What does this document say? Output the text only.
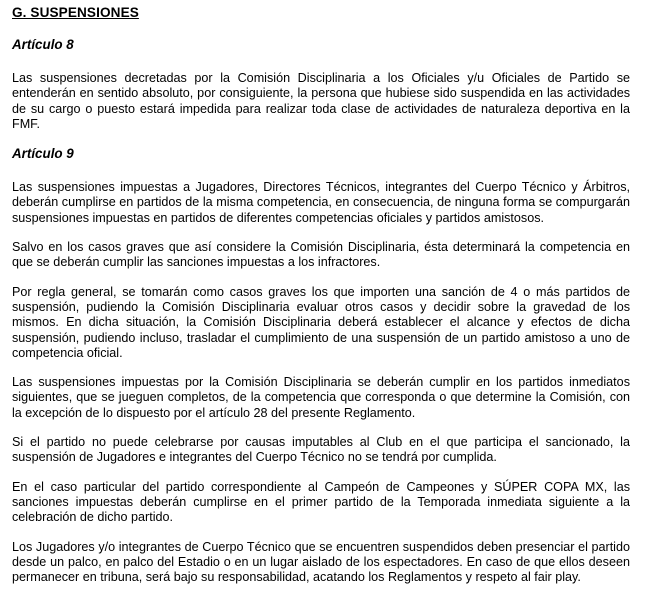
G. SUSPENSIONES
Artículo 8

Las suspensiones decretadas por la Comisión Disciplinaria a los Oficiales y/u Oficiales de Partido se entenderán en sentido absoluto, por consiguiente, la persona que hubiese sido suspendida en las actividades de su cargo o puesto estará impedida para realizar toda clase de actividades de naturaleza deportiva en la FMF.

Artículo 9

Las suspensiones impuestas a Jugadores, Directores Técnicos, integrantes del Cuerpo Técnico y Árbitros, deberán cumplirse en partidos de la misma competencia, en consecuencia, de ninguna forma se compurgarán suspensiones impuestas en partidos de diferentes competencias oficiales y partidos amistosos.

Salvo en los casos graves que así considere la Comisión Disciplinaria, ésta determinará la competencia en que se deberán cumplir las sanciones impuestas a los infractores.

Por regla general, se tomarán como casos graves los que importen una sanción de 4 o más partidos de suspensión, pudiendo la Comisión Disciplinaria evaluar otros casos y decidir sobre la gravedad de los mismos. En dicha situación, la Comisión Disciplinaria deberá establecer el alcance y efectos de dicha suspensión, pudiendo incluso, trasladar el cumplimiento de una suspensión de un partido amistoso a uno de competencia oficial.

Las suspensiones impuestas por la Comisión Disciplinaria se deberán cumplir en los partidos inmediatos siguientes, que se jueguen completos, de la competencia que corresponda o que determine la Comisión, con la excepción de lo dispuesto por el artículo 28 del presente Reglamento.

Si el partido no puede celebrarse por causas imputables al Club en el que participa el sancionado, la suspensión de Jugadores e integrantes del Cuerpo Técnico no se tendrá por cumplida.

En el caso particular del partido correspondiente al Campeón de Campeones y SÚPER COPA MX, las sanciones impuestas deberán cumplirse en el primer partido de la Temporada inmediata siguiente a la celebración de dicho partido.

Los Jugadores y/o integrantes de Cuerpo Técnico que se encuentren suspendidos deben presenciar el partido desde un palco, en palco del Estadio o en un lugar aislado de los espectadores. En caso de que ellos deseen permanecer en tribuna, será bajo su responsabilidad, acatando los Reglamentos y respeto al fair play.
